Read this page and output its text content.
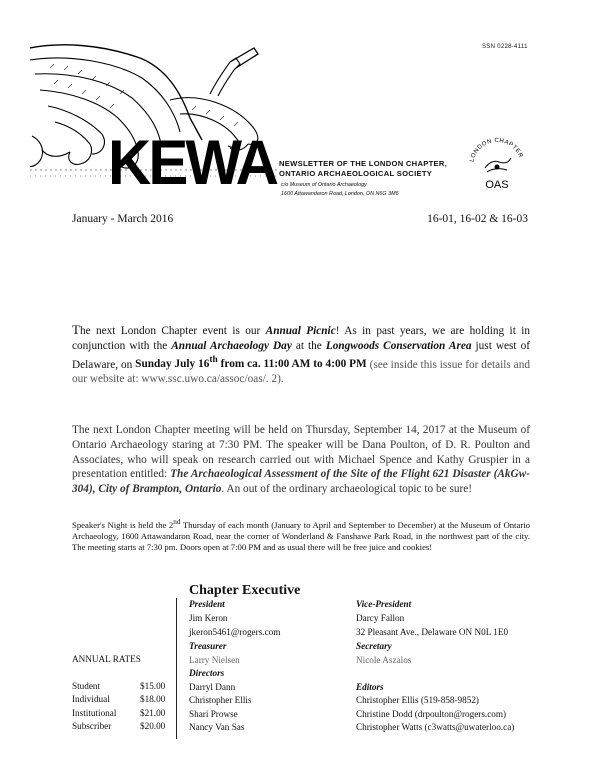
SSN 0228-4111
KEWA NEWSLETTER OF THE LONDON CHAPTER,
ONTARIO ARCHAEOLOGICAL SOCIETY
c/o Museum of Ontario Archaeology
1600 Attawandaron Road, London, ON N6G 3M6
LONDON CHAPTER
OAS
January - March 2016	16-01, 16-02 & 16-03
The next London Chapter event is our Annual Picnic! As in past years, we are holding it in conjunction with the Annual Archaeology Day at the Longwoods Conservation Area just west of Delaware, on Sunday July 16th from ca. 11:00 AM to 4:00 PM (see inside this issue for details and our website at: www.ssc.uwo.ca/assoc/oas/. 2).
The next London Chapter meeting will be held on Thursday, September 14, 2017 at the Museum of Ontario Archaeology staring at 7:30 PM. The speaker will be Dana Poulton, of D. R. Poulton and Associates, who will speak on research carried out with Michael Spence and Kathy Gruspier in a presentation entitled: The Archaeological Assessment of the Site of the Flight 621 Disaster (AkGw-304), City of Brampton, Ontario. An out of the ordinary archaeological topic to be sure!
Speaker's Night is held the 2nd Thursday of each month (January to April and September to December) at the Museum of Ontario Archaeology, 1600 Attawandaron Road, near the corner of Wonderland & Fanshawe Park Road, in the northwest part of the city. The meeting starts at 7:30 pm. Doors open at 7:00 PM and as usual there will be free juice and cookies!
Chapter Executive
President
Jim Keron
jkeron5461@rogers.com
Treasurer
Larry Nielsen
Directors
Darryl Dann
Christopher Ellis
Shari Prowse
Nancy Van Sas
Vice-President
Darcy Fallon
32 Pleasant Ave., Delaware ON N0L 1E0
Secretary
Nicole Aszalos
Editors
Christopher Ellis (519-858-9852)
Christine Dodd (drpoulton@rogers.com)
Christopher Watts (c3watts@uwaterloo.ca)
ANNUAL RATES
Student	$15.00
Individual	$18.00
Institutional	$21.00
Subscriber	$20.00
